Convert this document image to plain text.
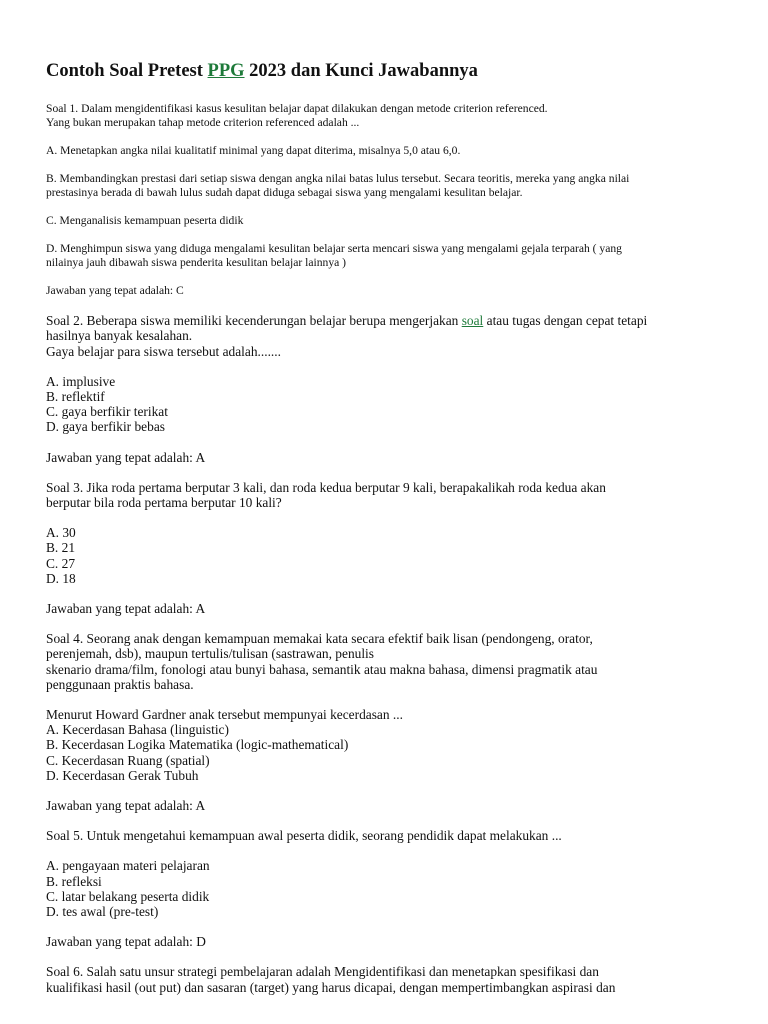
Contoh Soal Pretest PPG 2023 dan Kunci Jawabannya
Soal 1. Dalam mengidentifikasi kasus kesulitan belajar dapat dilakukan dengan metode criterion referenced.
Yang bukan merupakan tahap metode criterion referenced adalah ...
A. Menetapkan angka nilai kualitatif minimal yang dapat diterima, misalnya 5,0 atau 6,0.
B. Membandingkan prestasi dari setiap siswa dengan angka nilai batas lulus tersebut. Secara teoritis, mereka yang angka nilai
prestasinya berada di bawah lulus sudah dapat diduga sebagai siswa yang mengalami kesulitan belajar.
C. Menganalisis kemampuan peserta didik
D. Menghimpun siswa yang diduga mengalami kesulitan belajar serta mencari siswa yang mengalami gejala terparah ( yang
nilainya jauh dibawah siswa penderita kesulitan belajar lainnya )
Jawaban yang tepat adalah: C
Soal 2. Beberapa siswa memiliki kecenderungan belajar berupa mengerjakan soal atau tugas dengan cepat tetapi
hasilnya banyak kesalahan.
Gaya belajar para siswa tersebut adalah.......
A. implusive
B. reflektif
C. gaya berfikir terikat
D. gaya berfikir bebas
Jawaban yang tepat adalah: A
Soal 3. Jika roda pertama berputar 3 kali, dan roda kedua berputar 9 kali, berapakalikah roda kedua akan
berputar bila roda pertama berputar 10 kali?
A. 30
B. 21
C. 27
D. 18
Jawaban yang tepat adalah: A
Soal 4. Seorang anak dengan kemampuan memakai kata secara efektif baik lisan (pendongeng, orator,
perenjemah, dsb), maupun tertulis/tulisan (sastrawan, penulis
skenario drama/film, fonologi atau bunyi bahasa, semantik atau makna bahasa, dimensi pragmatik atau
penggunaan praktis bahasa.
Menurut Howard Gardner anak tersebut mempunyai kecerdasan ...
A. Kecerdasan Bahasa (linguistic)
B. Kecerdasan Logika Matematika (logic-mathematical)
C. Kecerdasan Ruang (spatial)
D. Kecerdasan Gerak Tubuh
Jawaban yang tepat adalah: A
Soal 5. Untuk mengetahui kemampuan awal peserta didik, seorang pendidik dapat melakukan ...
A. pengayaan materi pelajaran
B. refleksi
C. latar belakang peserta didik
D. tes awal (pre-test)
Jawaban yang tepat adalah: D
Soal 6. Salah satu unsur strategi pembelajaran adalah Mengidentifikasi dan menetapkan spesifikasi dan
kualifikasi hasil (out put) dan sasaran (target) yang harus dicapai, dengan mempertimbangkan aspirasi dan
